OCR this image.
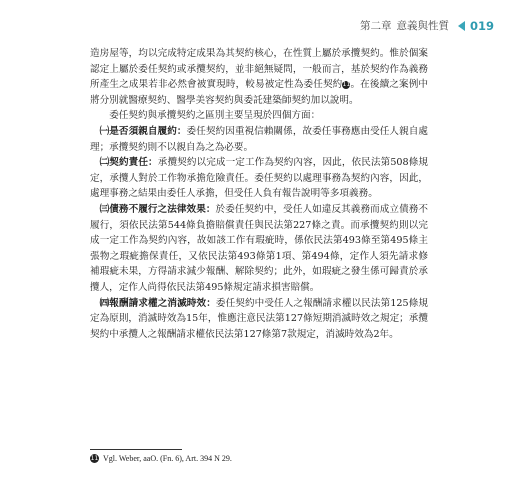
第二章 意義與性質 019

造房屋等，均以完成特定成果為其契約核心，在性質上屬於承攬契約。惟於個案認定上屬於委任契約或承攬契約，並非絕無疑問，一般而言，基於契約作為義務所產生之成果若非必然會被實現時，較易被定性為委任契約11。在後續之案例中將分別就醫療契約、醫學美容契約與委託建築師契約加以說明。

委任契約與承攬契約之區別主要呈現於四個方面：

㈠是否須親自履約：委任契約因重視信賴關係，故委任事務應由受任人親自處理；承攬契約則不以親自為之為必要。

㈡契約責任：承攬契約以完成一定工作為契約內容，因此，依民法第508條規定，承攬人對於工作物承擔危險責任。委任契約以處理事務為契約內容，因此，處理事務之結果由委任人承擔，但受任人負有報告說明等多項義務。

㈢債務不履行之法律效果：於委任契約中，受任人如違反其義務而成立債務不履行，須依民法第544條負擔賠償責任與民法第227條之責。而承攬契約則以完成一定工作為契約內容，故如該工作有瑕疵時，係依民法第493條至第495條主張物之瑕疵擔保責任，又依民法第493條第1項、第494條，定作人須先請求修補瑕疵未果，方得請求減少報酬、解除契約；此外，如瑕疵之發生係可歸責於承攬人，定作人尚得依民法第495條規定請求損害賠償。

㈣報酬請求權之消滅時效：委任契約中受任人之報酬請求權以民法第125條規定為原則，消滅時效為15年，惟應注意民法第127條短期消滅時效之規定；承攬契約中承攬人之報酬請求權依民法第127條第7款規定，消滅時效為2年。

11 Vgl. Weber, aaO. (Fn. 6), Art. 394 N 29.
